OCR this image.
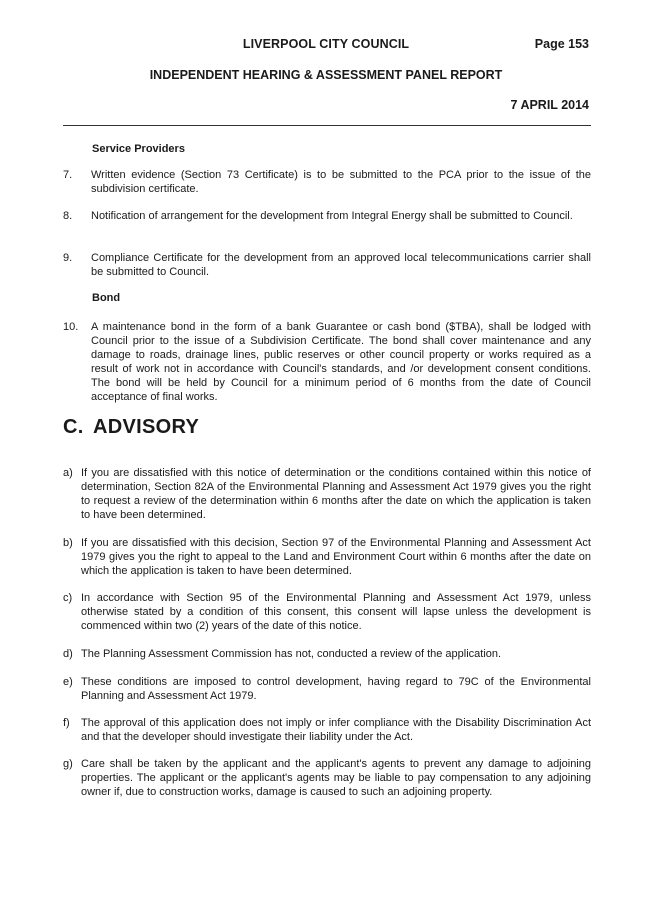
LIVERPOOL CITY COUNCIL	Page 153
INDEPENDENT HEARING & ASSESSMENT PANEL REPORT
7 APRIL 2014
Service Providers
7. Written evidence (Section 73 Certificate) is to be submitted to the PCA prior to the issue of the subdivision certificate.
8. Notification of arrangement for the development from Integral Energy shall be submitted to Council.
9. Compliance Certificate for the development from an approved local telecommunications carrier shall be submitted to Council.
Bond
10. A maintenance bond in the form of a bank Guarantee or cash bond ($TBA), shall be lodged with Council prior to the issue of a Subdivision Certificate. The bond shall cover maintenance and any damage to roads, drainage lines, public reserves or other council property or works required as a result of work not in accordance with Council's standards, and /or development consent conditions. The bond will be held by Council for a minimum period of 6 months from the date of Council acceptance of final works.
C. ADVISORY
a) If you are dissatisfied with this notice of determination or the conditions contained within this notice of determination, Section 82A of the Environmental Planning and Assessment Act 1979 gives you the right to request a review of the determination within 6 months after the date on which the application is taken to have been determined.
b) If you are dissatisfied with this decision, Section 97 of the Environmental Planning and Assessment Act 1979 gives you the right to appeal to the Land and Environment Court within 6 months after the date on which the application is taken to have been determined.
c) In accordance with Section 95 of the Environmental Planning and Assessment Act 1979, unless otherwise stated by a condition of this consent, this consent will lapse unless the development is commenced within two (2) years of the date of this notice.
d) The Planning Assessment Commission has not, conducted a review of the application.
e) These conditions are imposed to control development, having regard to 79C of the Environmental Planning and Assessment Act 1979.
f) The approval of this application does not imply or infer compliance with the Disability Discrimination Act and that the developer should investigate their liability under the Act.
g) Care shall be taken by the applicant and the applicant's agents to prevent any damage to adjoining properties. The applicant or the applicant's agents may be liable to pay compensation to any adjoining owner if, due to construction works, damage is caused to such an adjoining property.
